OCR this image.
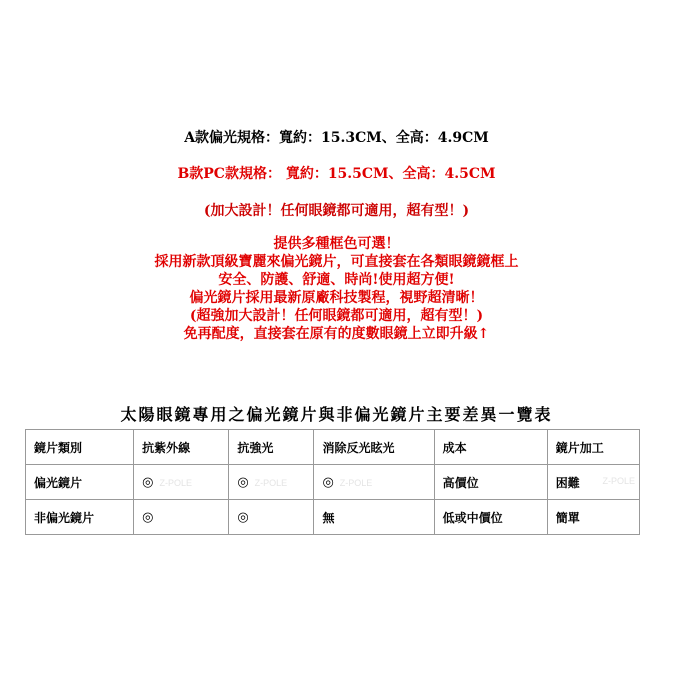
A款偏光規格：寬約：15.3CM、全高：4.9CM
B款PC款規格： 寬約：15.5CM、全高：4.5CM
(加大設計！任何眼鏡都可適用，超有型！)
提供多種框色可選！
採用新款頂級寶麗來偏光鏡片，可直接套在各類眼鏡鏡框上
安全、防護、舒適、時尚!使用超方便!
偏光鏡片採用最新原廠科技製程，視野超清晰！
(超強加大設計！任何眼鏡都可適用，超有型！)
免再配度，直接套在原有的度數眼鏡上立即升級↑
太陽眼鏡專用之偏光鏡片與非偏光鏡片主要差異一覽表
鏡片類別	抗紫外線	抗強光	消除反光眩光	成本	鏡片加工
偏光鏡片	◎ Z-POLE	◎ Z-POLE	◎ Z-POLE	高價位	困難 Z-POLE

非偏光鏡片	◎	◎	無	低或中價位	簡單
